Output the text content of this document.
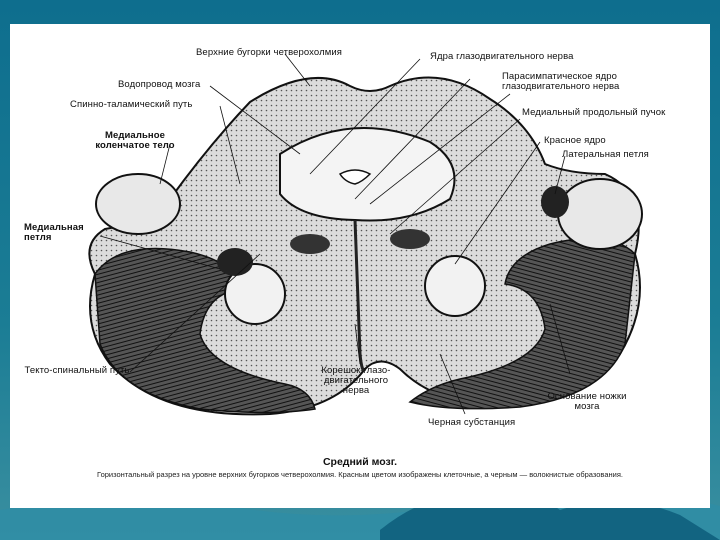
Верхние бугорки четверохолмия
Водопровод мозга
Спинно-таламический путь
Медиальное коленчатое тело
Медиальная петля
Текто-спинальный путь	Корешок глазо-двигательного нерва
Ядра глазодвигательного нерва
Парасимпатическое ядро глазодвигательного нерва
Медиальный продольный пучок
Красное ядро
Латеральная петля
Основание ножки мозга
Черная субстанция
Средний мозг.
Горизонтальный разрез на уровне верхних бугорков четверохолмия. Красным цветом изображены клеточные, а черным — волокнистые образования.
